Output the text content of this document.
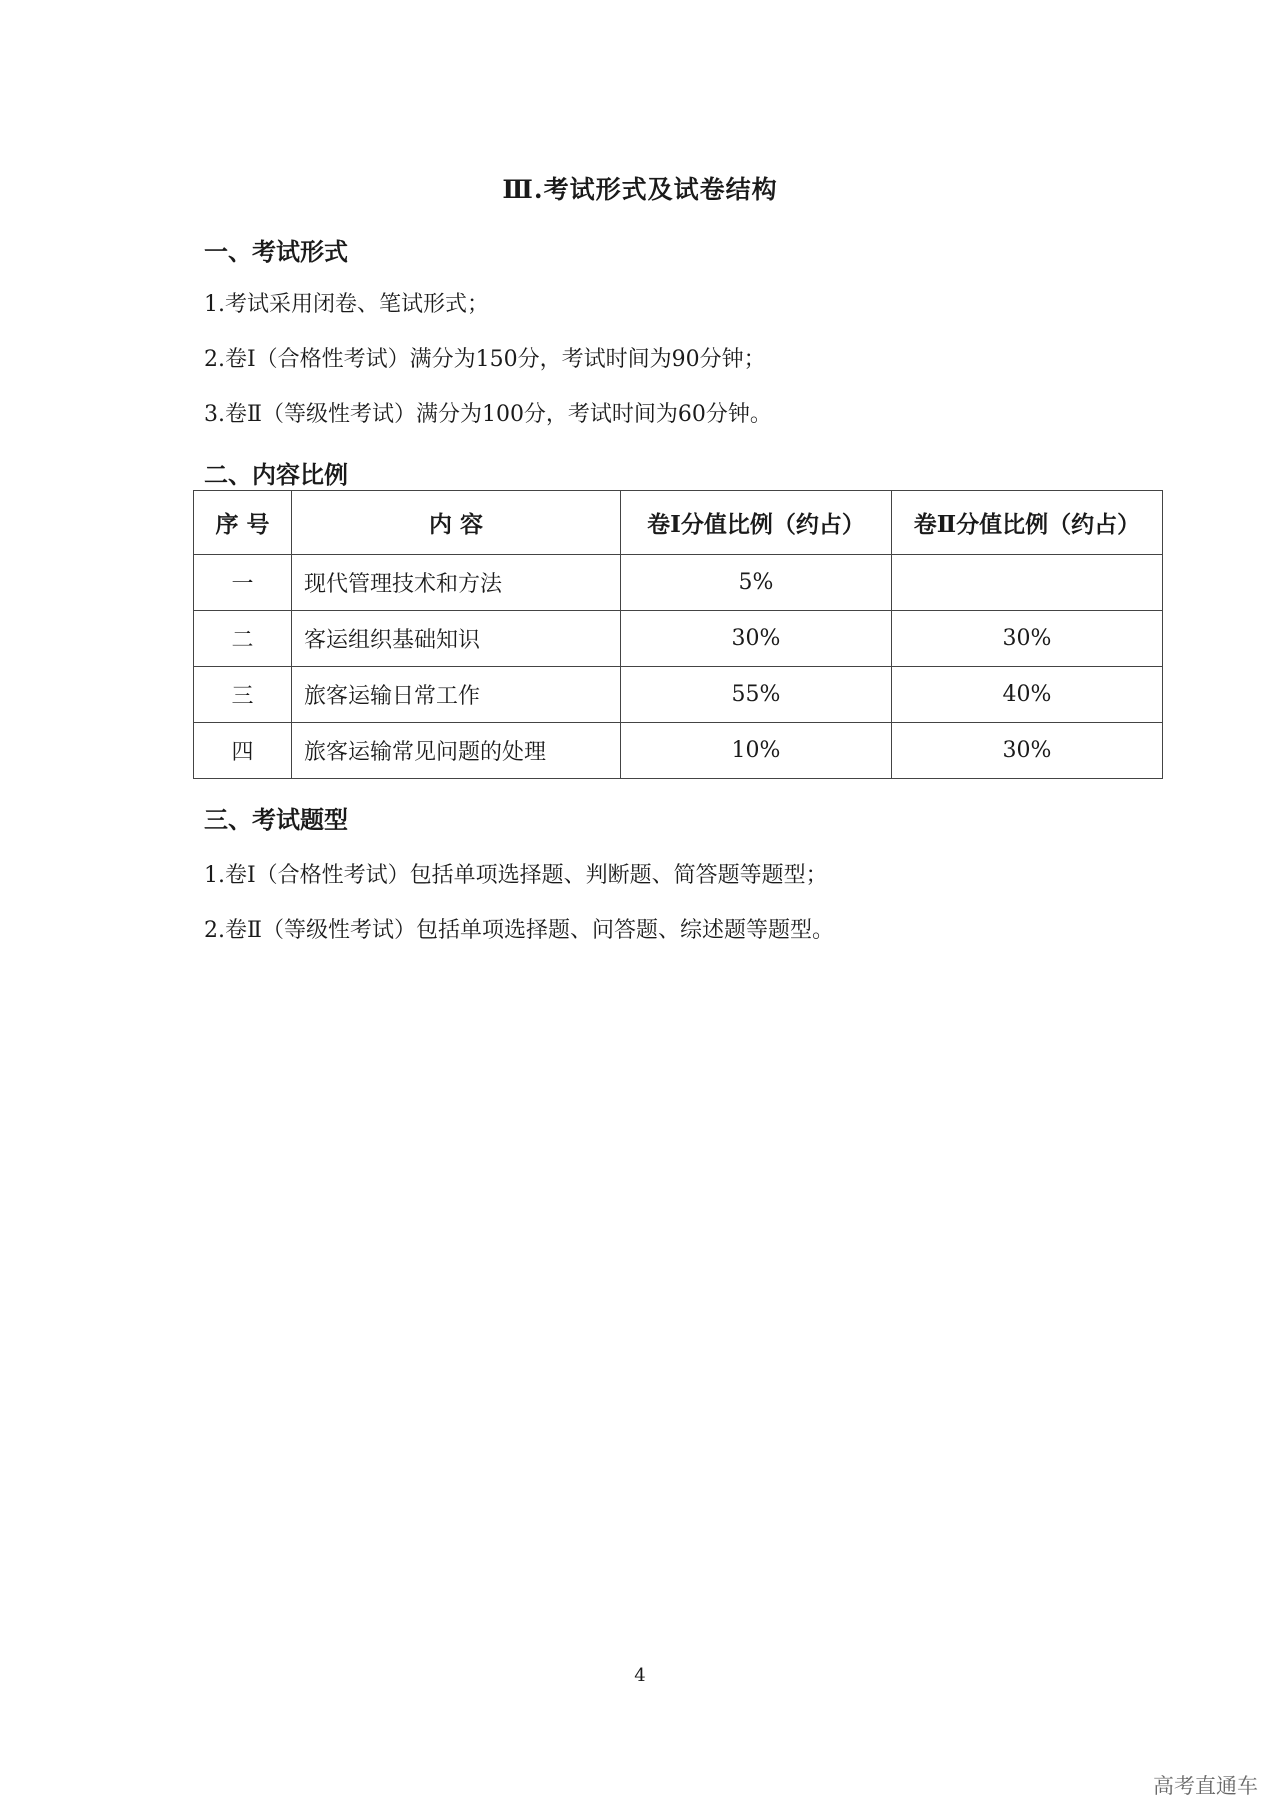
Ⅲ.考试形式及试卷结构
一、考试形式
1.考试采用闭卷、笔试形式；
2.卷Ⅰ（合格性考试）满分为150分，考试时间为90分钟；
3.卷Ⅱ（等级性考试）满分为100分，考试时间为60分钟。
二、内容比例
序 号	内 容	卷Ⅰ分值比例（约占）	卷Ⅱ分值比例（约占）
一	现代管理技术和方法	5%	
二	客运组织基础知识	30%	30%
三	旅客运输日常工作	55%	40%
四	旅客运输常见问题的处理	10%	30%
三、考试题型
1.卷Ⅰ（合格性考试）包括单项选择题、判断题、简答题等题型；
2.卷Ⅱ（等级性考试）包括单项选择题、问答题、综述题等题型。
4
高考直通车
